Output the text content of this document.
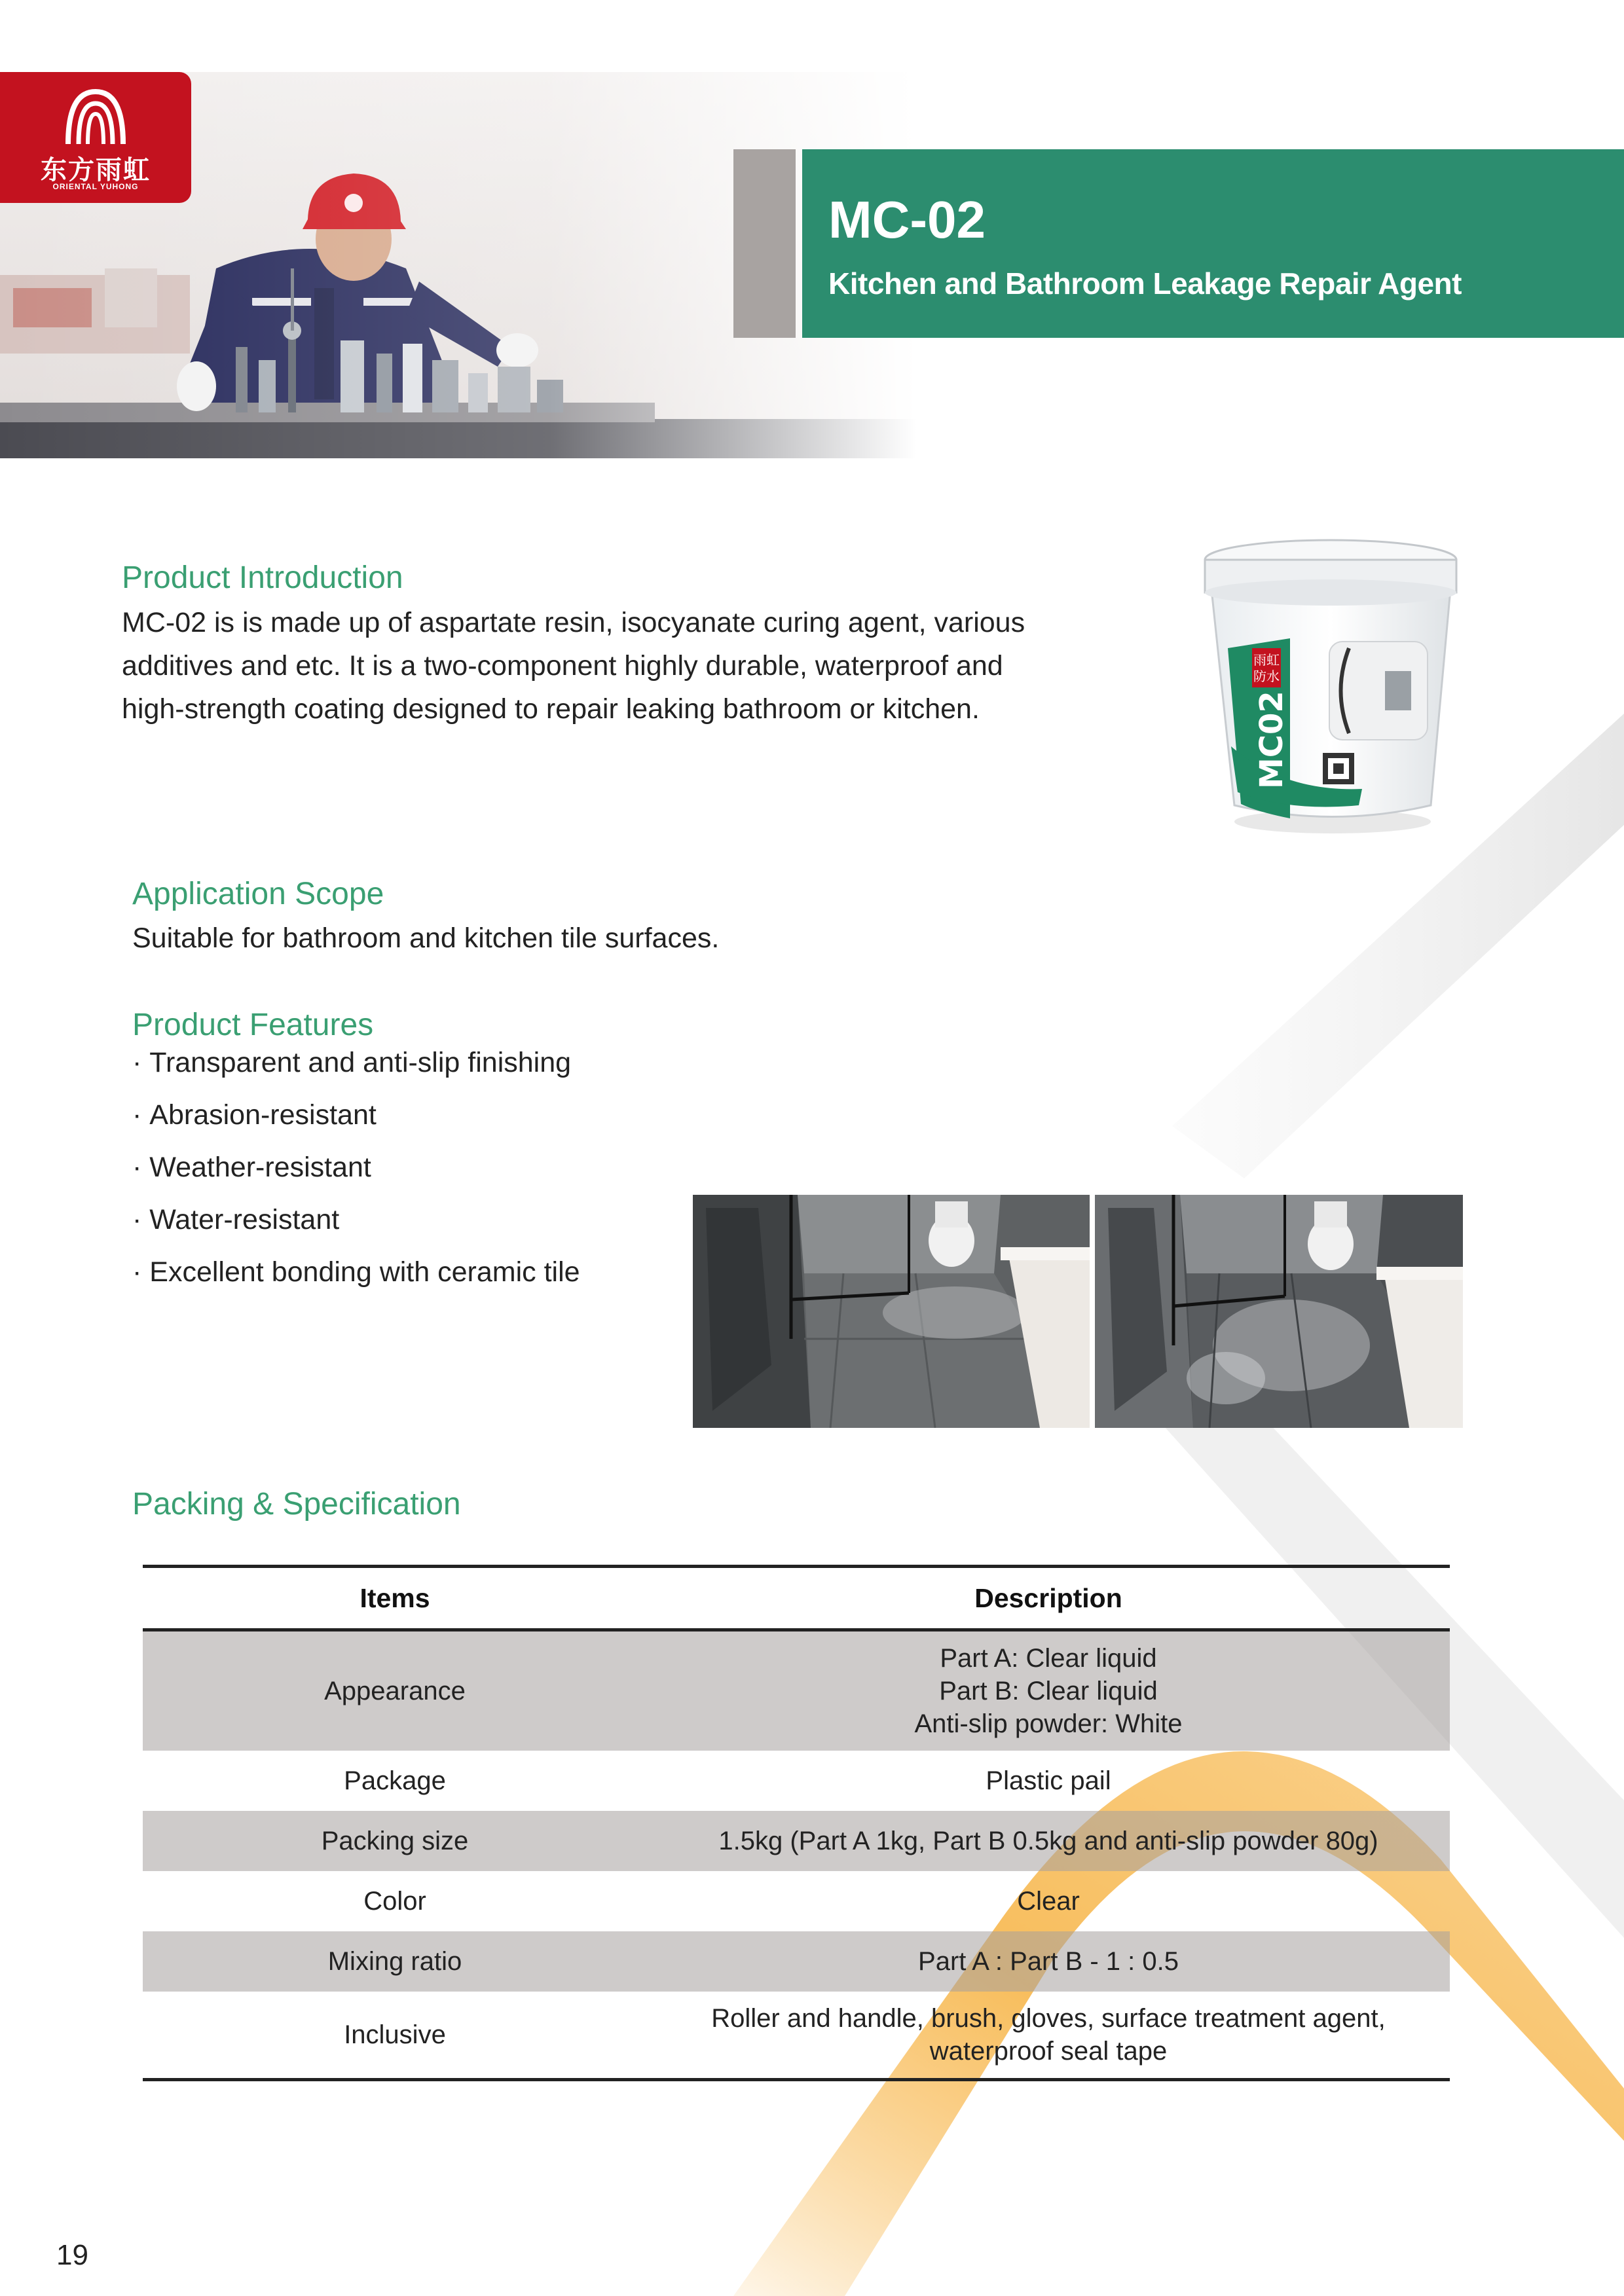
东方雨虹
ORIENTAL YUHONG
MC-02
Kitchen and Bathroom Leakage Repair Agent
Product Introduction
MC-02 is is made up of aspartate resin, isocyanate curing agent, various
additives and etc. It is a two-component highly durable, waterproof and
high-strength coating designed to repair leaking bathroom or kitchen.
雨虹
防水
MC02
Application Scope
Suitable for bathroom and kitchen tile surfaces.
Product Features
· Transparent and anti-slip finishing
· Abrasion-resistant
· Weather-resistant
· Water-resistant
· Excellent bonding with ceramic tile
Packing & Specification
Items	Description
Appearance	Part A: Clear liquid
Part B: Clear liquid
Anti-slip powder: White

Package	Plastic pail
Packing size	1.5kg (Part A 1kg, Part B 0.5kg and anti-slip powder 80g)
Color	Clear
Mixing ratio	Part A : Part B - 1 : 0.5
Inclusive	Roller and handle, brush, gloves, surface treatment agent,
waterproof seal tape
19
